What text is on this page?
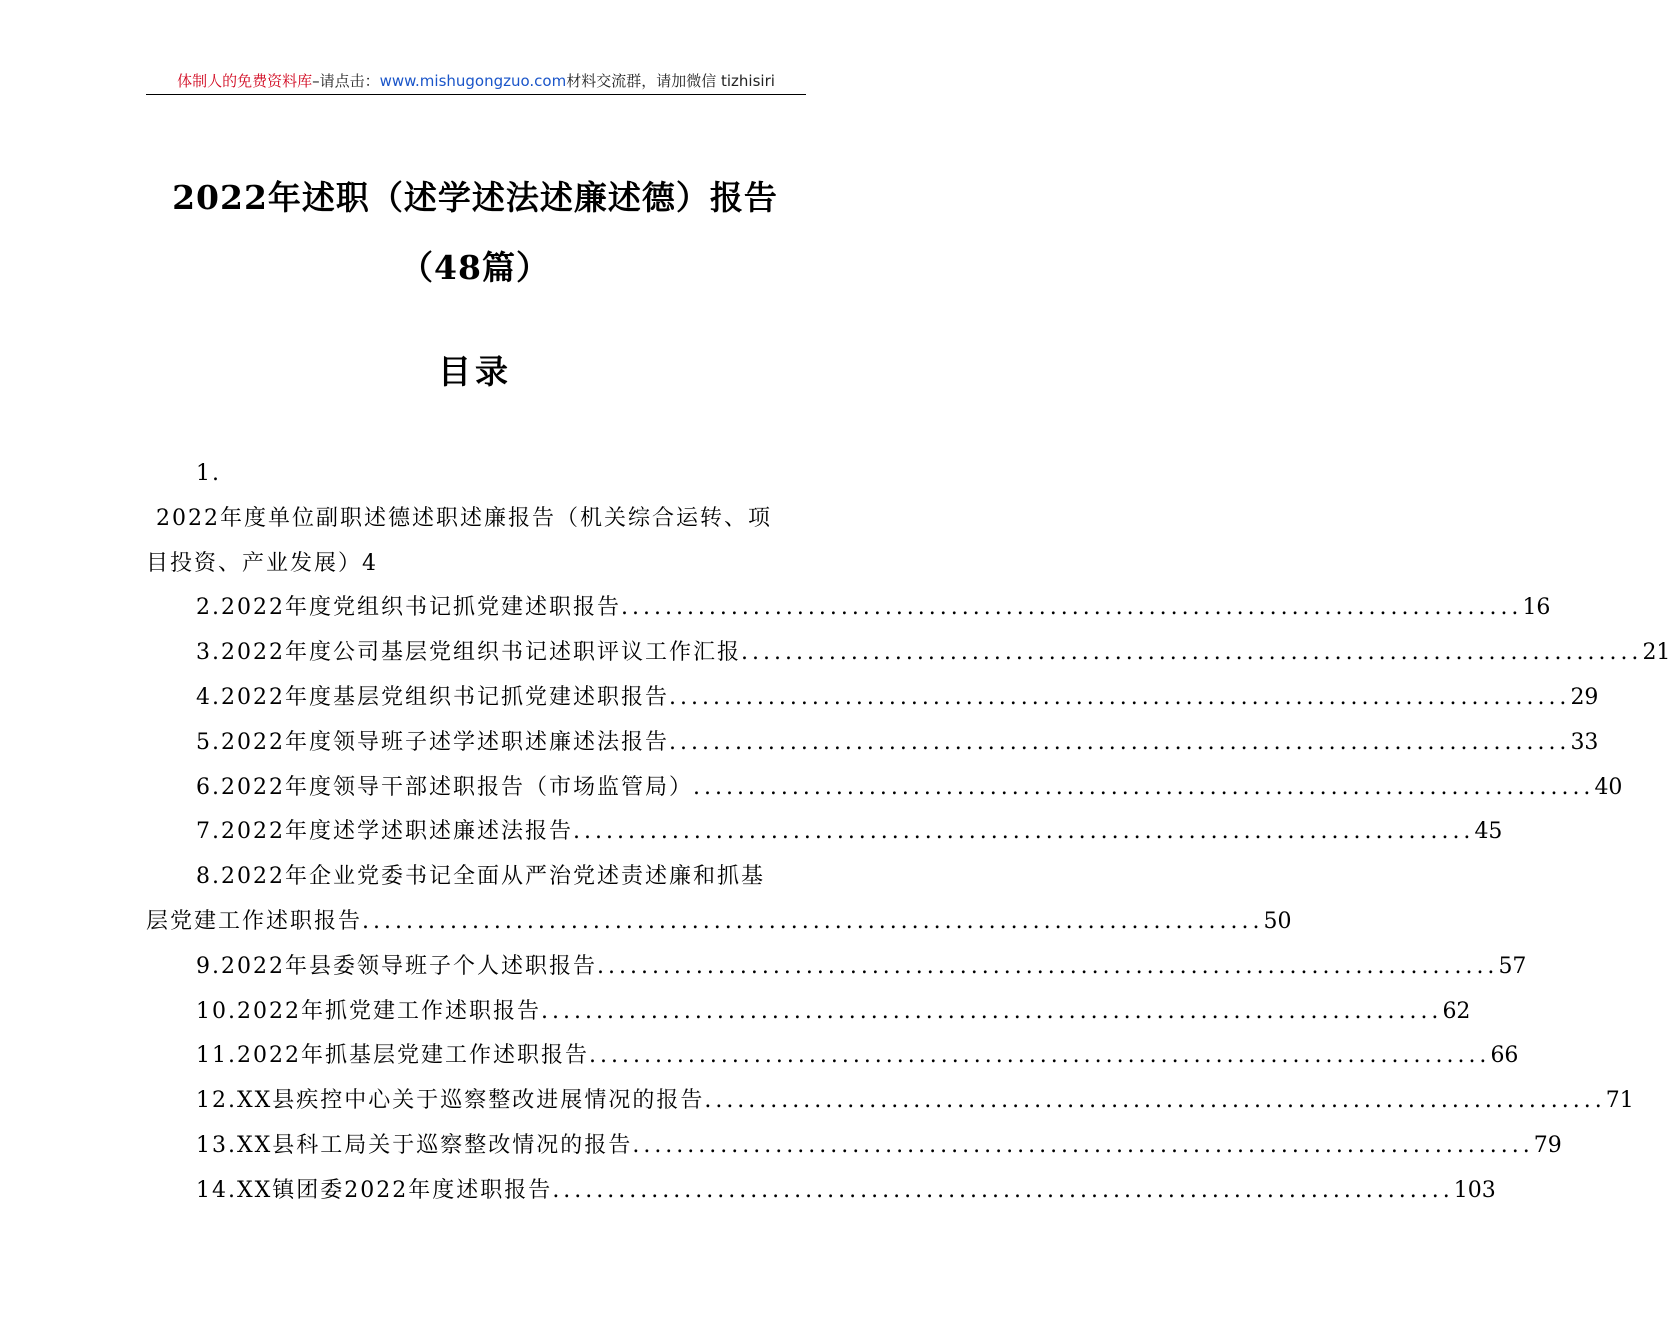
体制人的免费资料库–请点击：www.mishugongzuo.com材料交流群，请加微信 tizhisiri
2022年述职（述学述法述廉述德）报告
（48篇）
目录
1.
2022年度单位副职述德述职述廉报告（机关综合运转、项
目投资、产业发展）4
2.2022年度党组织书记抓党建述职报告 .................................................................................. 16
3.2022年度公司基层党组织书记述职评议工作汇报 .................................................................................. 21
4.2022年度基层党组织书记抓党建述职报告 .................................................................................. 29
5.2022年度领导班子述学述职述廉述法报告 .................................................................................. 33
6.2022年度领导干部述职报告（市场监管局） .................................................................................. 40
7.2022年度述学述职述廉述法报告 .................................................................................. 45
8.2022年企业党委书记全面从严治党述责述廉和抓基
层党建工作述职报告 .................................................................................. 50
9.2022年县委领导班子个人述职报告 .................................................................................. 57
10.2022年抓党建工作述职报告 .................................................................................. 62
11.2022年抓基层党建工作述职报告 .................................................................................. 66
12.XX县疾控中心关于巡察整改进展情况的报告 .................................................................................. 71
13.XX县科工局关于巡察整改情况的报告 .................................................................................. 79
14.XX镇团委2022年度述职报告 .................................................................................. 103
